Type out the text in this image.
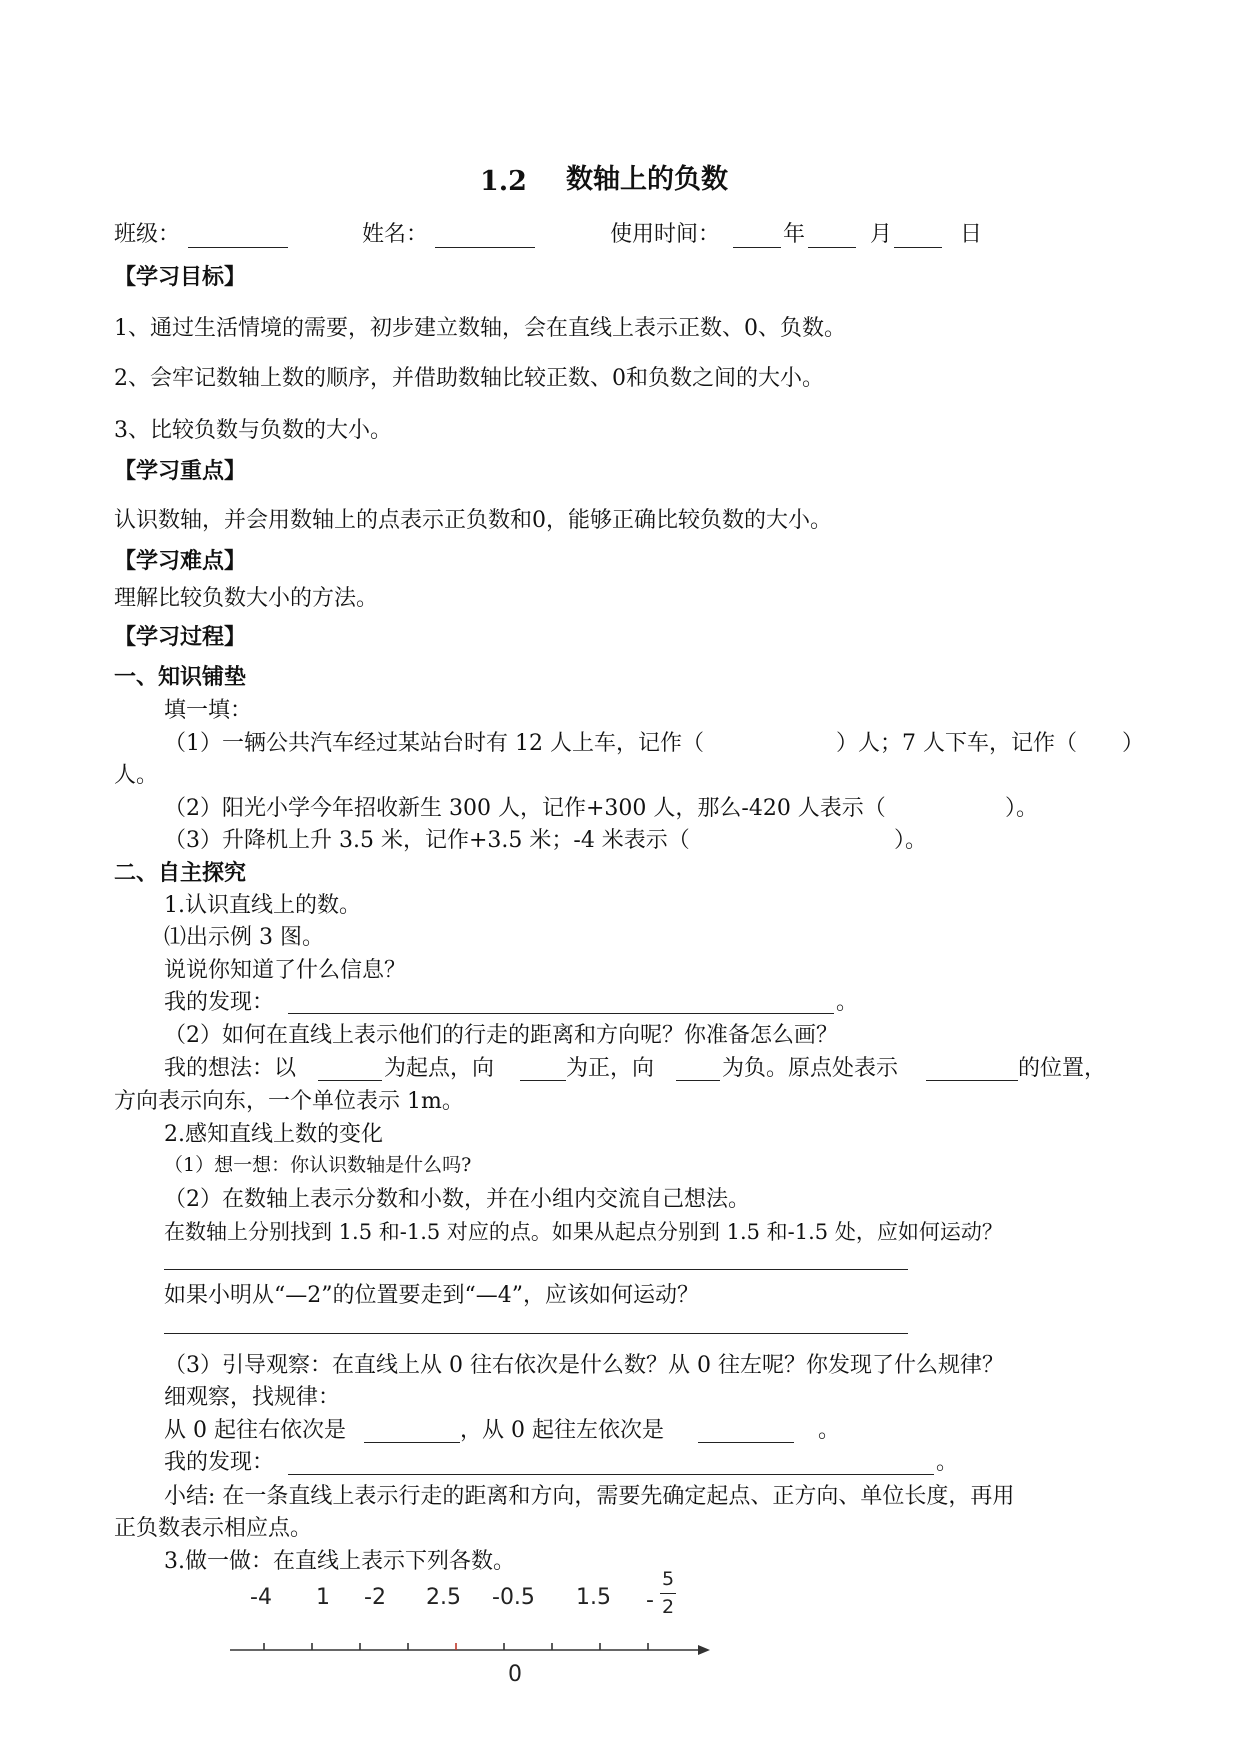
1.2 数轴上的负数
班级：	姓名：	使用时间：	年	月	日
【学习目标】
1、通过生活情境的需要，初步建立数轴，会在直线上表示正数、0、负数。
2、会牢记数轴上数的顺序，并借助数轴比较正数、0和负数之间的大小。
3、比较负数与负数的大小。
【学习重点】
认识数轴，并会用数轴上的点表示正负数和0，能够正确比较负数的大小。
【学习难点】
理解比较负数大小的方法。
【学习过程】
一、知识铺垫
填一填：
（1）一辆公共汽车经过某站台时有 12 人上车，记作（	）人；7 人下车，记作（ ）
人。
（2）阳光小学今年招收新生 300 人，记作+300 人，那么-420 人表示（	）。
（3）升降机上升 3.5 米，记作+3.5 米；-4 米表示（	）。
二、自主探究
1.认识直线上的数。
⑴出示例 3 图。
说说你知道了什么信息？
我的发现：	。
（2）如何在直线上表示他们的行走的距离和方向呢？你准备怎么画？
我的想法：以	为起点，向	为正，向	为负。原点处表示	的位置，
方向表示向东，一个单位表示 1m。
2.感知直线上数的变化
（1）想一想：你认识数轴是什么吗?
（2）在数轴上表示分数和小数，并在小组内交流自己想法。
在数轴上分别找到 1.5 和-1.5 对应的点。如果从起点分别到 1.5 和-1.5 处，应如何运动？
如果小明从“—2”的位置要走到“—4”，应该如何运动？
（3）引导观察：在直线上从 0 往右依次是什么数？从 0 往左呢？你发现了什么规律？
细观察，找规律：
从 0 起往右依次是	，从 0 起往左依次是	。
我的发现：	。
小结: 在一条直线上表示行走的距离和方向，需要先确定起点、正方向、单位长度，再用
正负数表示相应点。
3.做一做：在直线上表示下列各数。
-4 1 -2 2.5 -0.5 1.5 -
5
2
0
